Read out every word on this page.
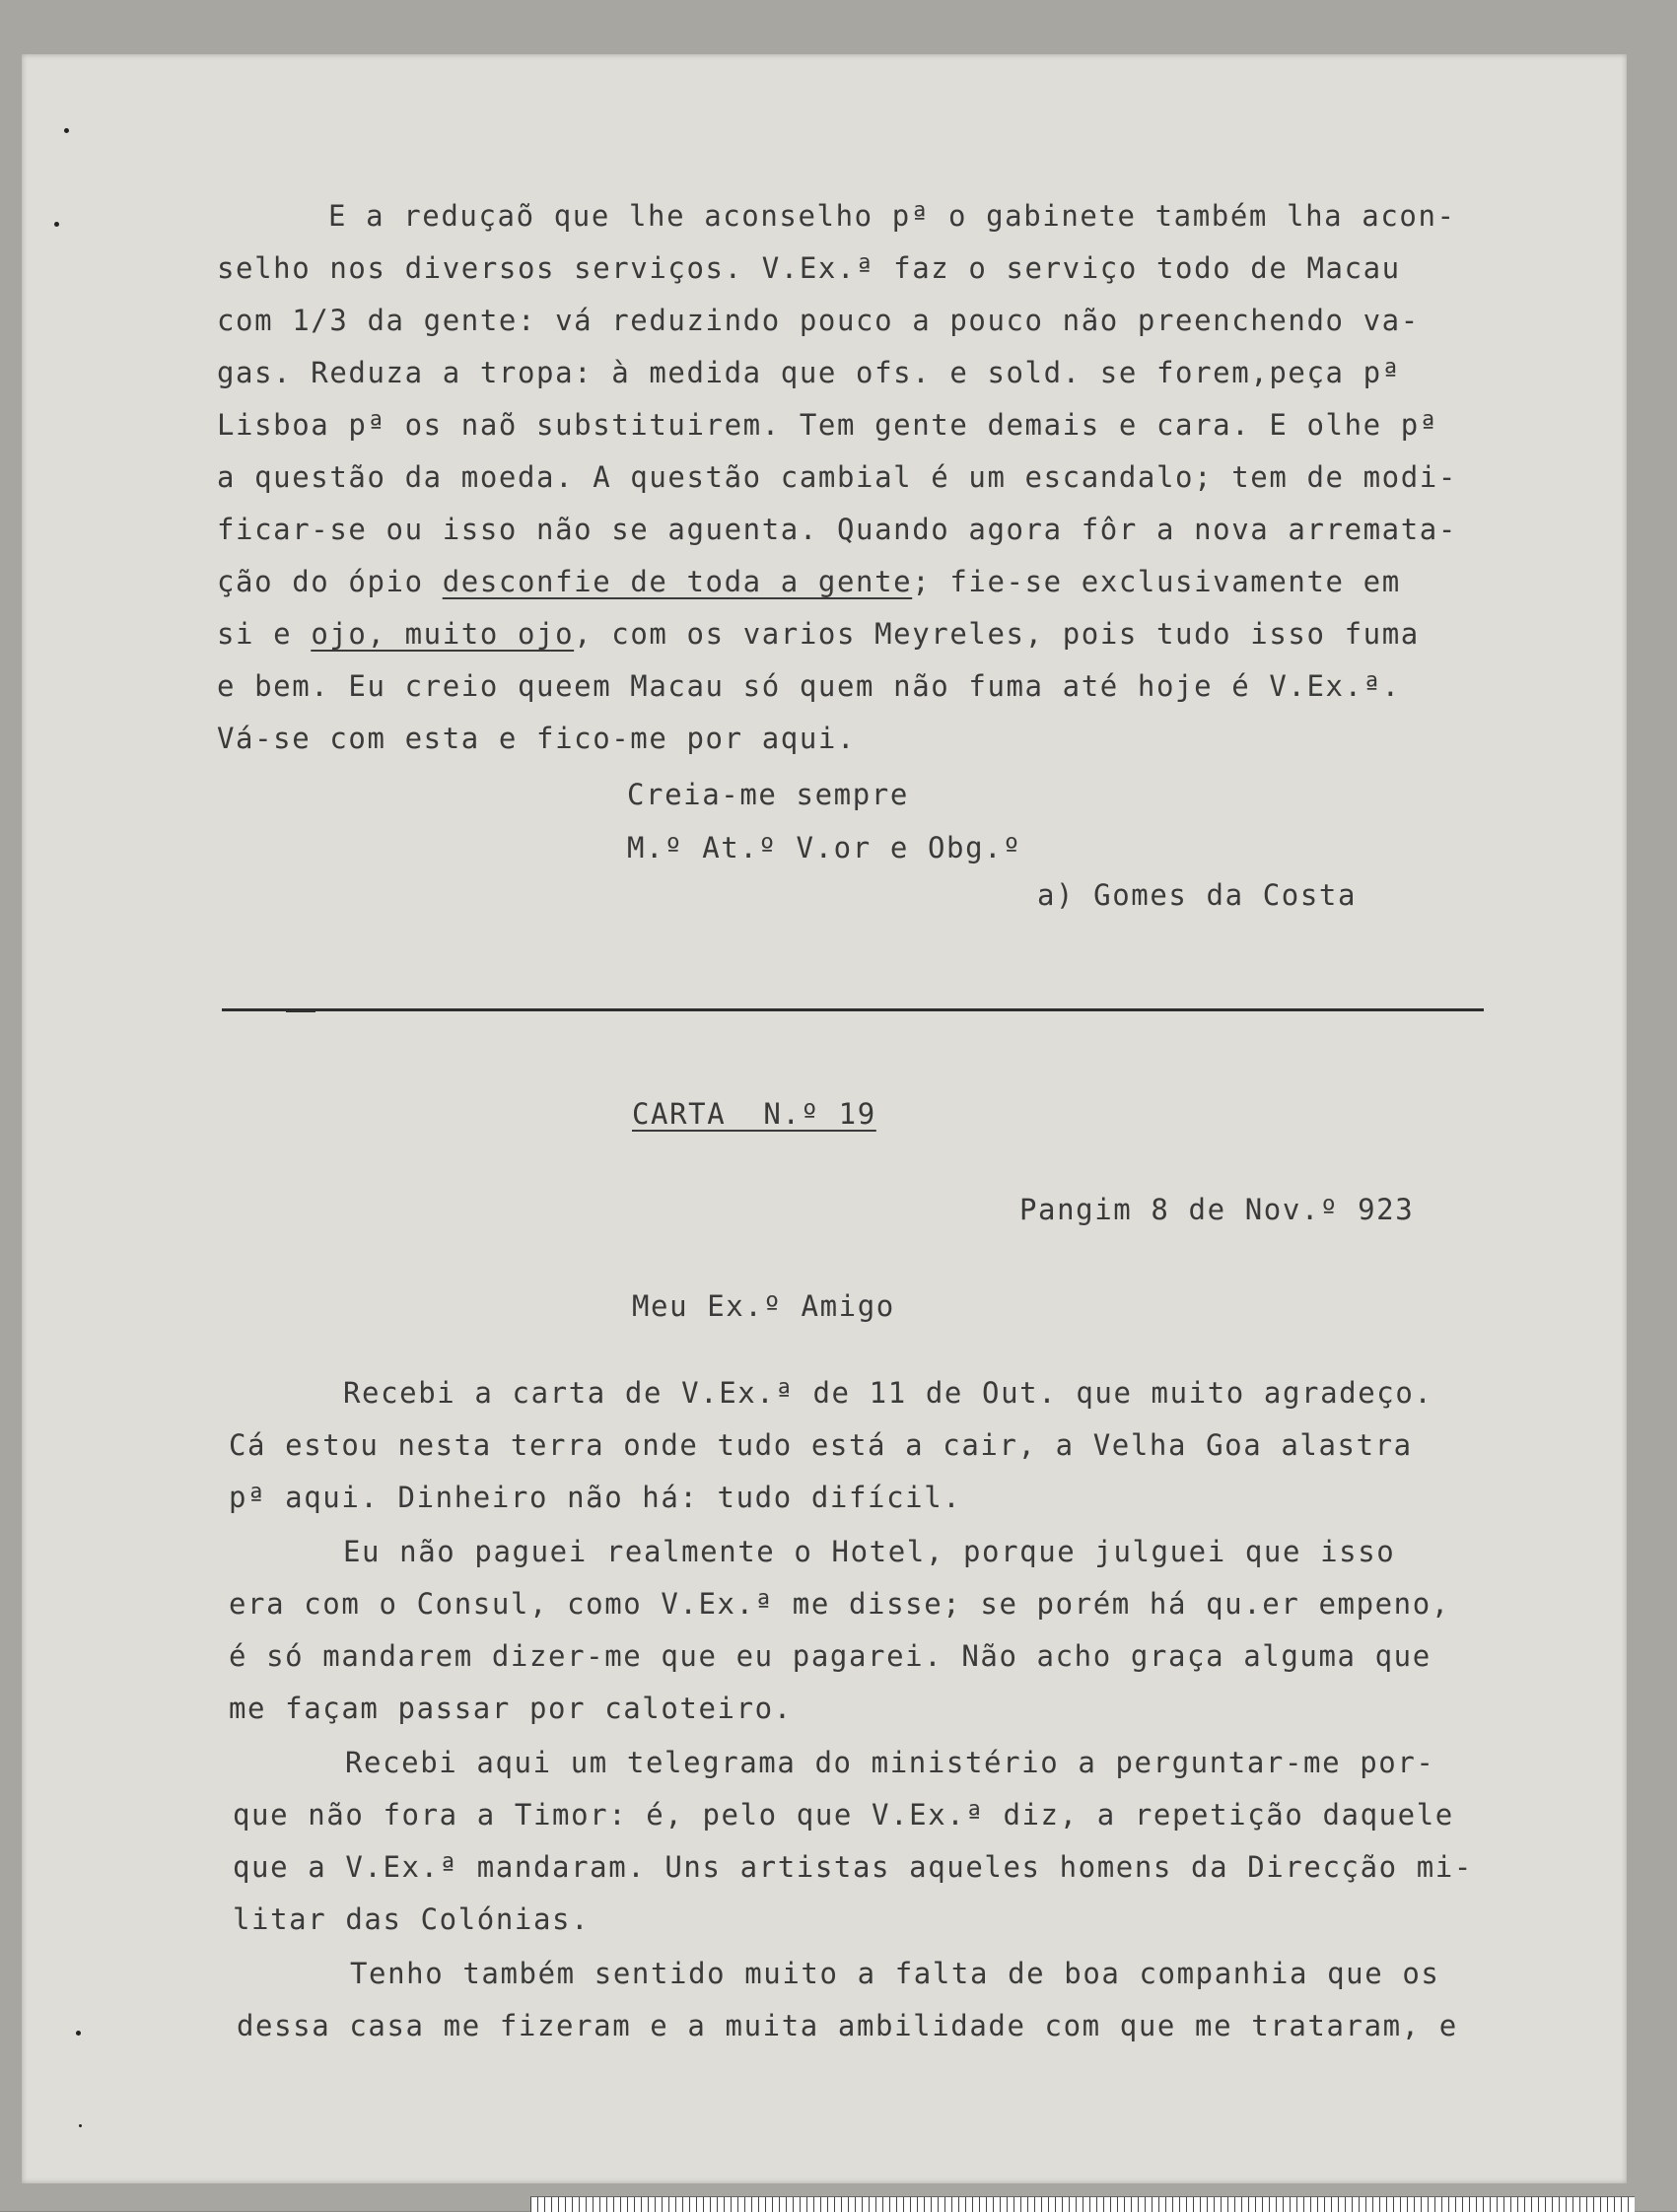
E a reduçaõ que lhe aconselho pª o gabinete também lha acon-
selho nos diversos serviços. V.Ex.ª faz o serviço todo de Macau
com 1/3 da gente: vá reduzindo pouco a pouco não preenchendo va-
gas. Reduza a tropa: à medida que ofs. e sold. se forem,peça pª
Lisboa pª os naõ substituirem. Tem gente demais e cara. E olhe pª
a questão da moeda. A questão cambial é um escandalo; tem de modi-
ficar-se ou isso não se aguenta. Quando agora fôr a nova arremata-
ção do ópio desconfie de toda a gente; fie-se exclusivamente em
si e ojo, muito ojo, com os varios Meyreles, pois tudo isso fuma
e bem. Eu creio queem Macau só quem não fuma até hoje é V.Ex.ª.
Vá-se com esta e fico-me por aqui.
Creia-me sempre
M.º At.º V.or e Obg.º
a) Gomes da Costa
CARTA  N.º 19
Pangim 8 de Nov.º 923
Meu Ex.º Amigo
Recebi a carta de V.Ex.ª de 11 de Out. que muito agradeço.
Cá estou nesta terra onde tudo está a cair, a Velha Goa alastra
pª aqui. Dinheiro não há: tudo difícil.
Eu não paguei realmente o Hotel, porque julguei que isso
era com o Consul, como V.Ex.ª me disse; se porém há qu.er empeno,
é só mandarem dizer-me que eu pagarei. Não acho graça alguma que
me façam passar por caloteiro.
Recebi aqui um telegrama do ministério a perguntar-me por-
que não fora a Timor: é, pelo que V.Ex.ª diz, a repetição daquele
que a V.Ex.ª mandaram. Uns artistas aqueles homens da Direcção mi-
litar das Colónias.
Tenho também sentido muito a falta de boa companhia que os
dessa casa me fizeram e a muita ambilidade com que me trataram, e
